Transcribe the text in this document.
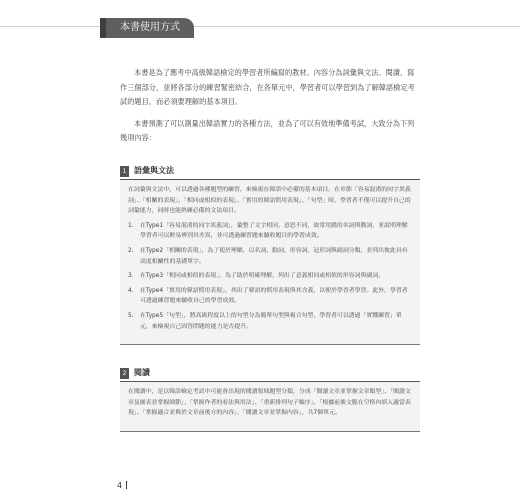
本書使用方式

本書是為了應考中高級韓語檢定的學習者所編寫的教材。內容分為詞彙與文法、閱讀、寫作三個部分，並將各部分的練習緊密結合，在各單元中，學習者可以學習到為了解韓語檢定考試的題目，而必須要理解的基本項目。

本書預測了可以測量出韓語實力的各種方法，並為了可以有效地準備考試，大致分為下列幾項內容：

1 語彙與文法

在詞彙與文法中，可以透過各種題型的練習，來檢視在韓語中必備的基本項目。在章節「容易混淆的同字異義詞」、「相關的表現」、「相同或相似的表現」、「實用的韓語慣用表現」、「句型」時，學習者不僅可以提升自己的詞彙能力，同時也能熟練必備的文法項目。

1. 在Type1「容易混淆的同字異義詞」，彙整了文字相同、意思不同，故常用錯的名詞與動詞，並說明理解學習者可以輕易辨別其差異，並可透過練習題來驗收題目的學習成效。
2. 在Type2「相關的表現」，為了使於理解，以名詞、動詞、形容詞、冠形詞與副詞分類，並列出彼此具有高度相關性的基礎單字。
3. 在Type3「相同或相似的表現」，為了助於明確理解，列出了意義相同或相似的形容詞與副詞。
4. 在Type4「實用的韓語慣用表現」，列出了韓語的慣用表現與其含義，以便於學習者學習。此外，學習者可透過練習題來驗收自己的學習成效。
5. 在Type5「句型」，將高級程度以上的句型分為簡單句型與複合句型，學習者可以透過「實戰練習」單元，來檢視自己因答問題的能力是否提升。
2 閱讀

在閱讀中，是以韓語檢定考試中可能會出現的閱讀領域題型分類，分成「閱讀文章並掌握文章類型」、「閱讀文章及圖表並掌握細節」、「掌握作者的看法與用法」、「重新排列句子順序」、「根據前後文脈在空格內填入適當表現」、「掌握適合並與於文章前後方的內容」、「閱讀文章並掌握內容」，共7個單元。

4
